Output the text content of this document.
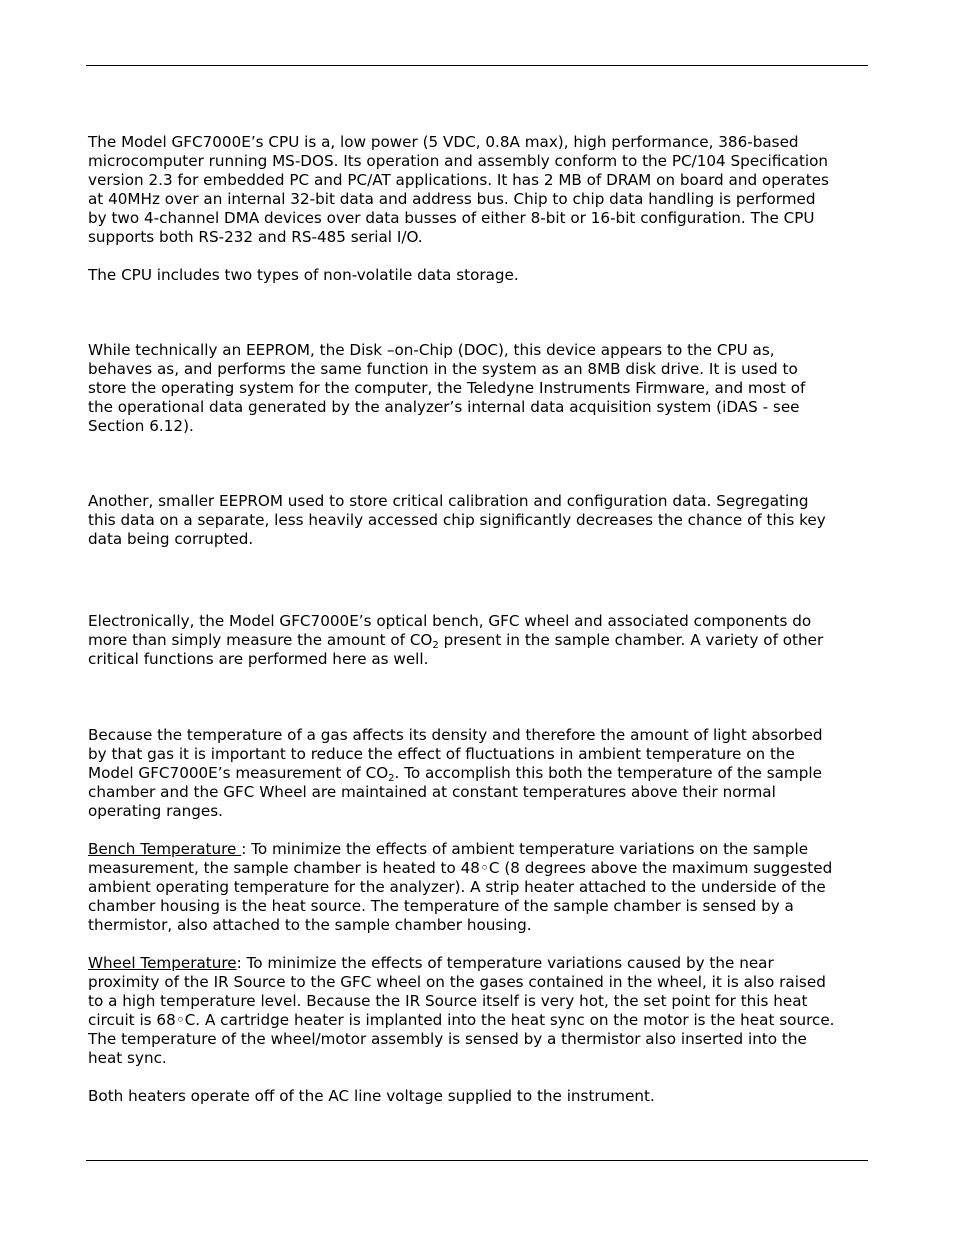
The Model GFC7000E’s CPU is a, low power (5 VDC, 0.8A max), high performance, 386-based
microcomputer running MS-DOS. Its operation and assembly conform to the PC/104 Specification
version 2.3 for embedded PC and PC/AT applications. It has 2 MB of DRAM on board and operates
at 40MHz over an internal 32-bit data and address bus. Chip to chip data handling is performed
by two 4-channel DMA devices over data busses of either 8-bit or 16-bit configuration. The CPU
supports both RS-232 and RS-485 serial I/O.

The CPU includes two types of non-volatile data storage.

While technically an EEPROM, the Disk –on-Chip (DOC), this device appears to the CPU as,
behaves as, and performs the same function in the system as an 8MB disk drive. It is used to
store the operating system for the computer, the Teledyne Instruments Firmware, and most of
the operational data generated by the analyzer’s internal data acquisition system (iDAS - see
Section 6.12).

Another, smaller EEPROM used to store critical calibration and configuration data. Segregating
this data on a separate, less heavily accessed chip significantly decreases the chance of this key
data being corrupted.

Electronically, the Model GFC7000E’s optical bench, GFC wheel and associated components do
more than simply measure the amount of $CO_2$ present in the sample chamber. A variety of other
critical functions are performed here as well.

Because the temperature of a gas affects its density and therefore the amount of light absorbed
by that gas it is important to reduce the effect of fluctuations in ambient temperature on the
Model GFC7000E’s measurement of $CO_2$. To accomplish this both the temperature of the sample
chamber and the GFC Wheel are maintained at constant temperatures above their normal
operating ranges.

Bench Temperature : To minimize the effects of ambient temperature variations on the sample
measurement, the sample chamber is heated to 48◦C (8 degrees above the maximum suggested
ambient operating temperature for the analyzer). A strip heater attached to the underside of the
chamber housing is the heat source. The temperature of the sample chamber is sensed by a
thermistor, also attached to the sample chamber housing.

Wheel Temperature: To minimize the effects of temperature variations caused by the near
proximity of the IR Source to the GFC wheel on the gases contained in the wheel, it is also raised
to a high temperature level. Because the IR Source itself is very hot, the set point for this heat
circuit is 68◦C. A cartridge heater is implanted into the heat sync on the motor is the heat source.
The temperature of the wheel/motor assembly is sensed by a thermistor also inserted into the
heat sync.

Both heaters operate off of the AC line voltage supplied to the instrument.
